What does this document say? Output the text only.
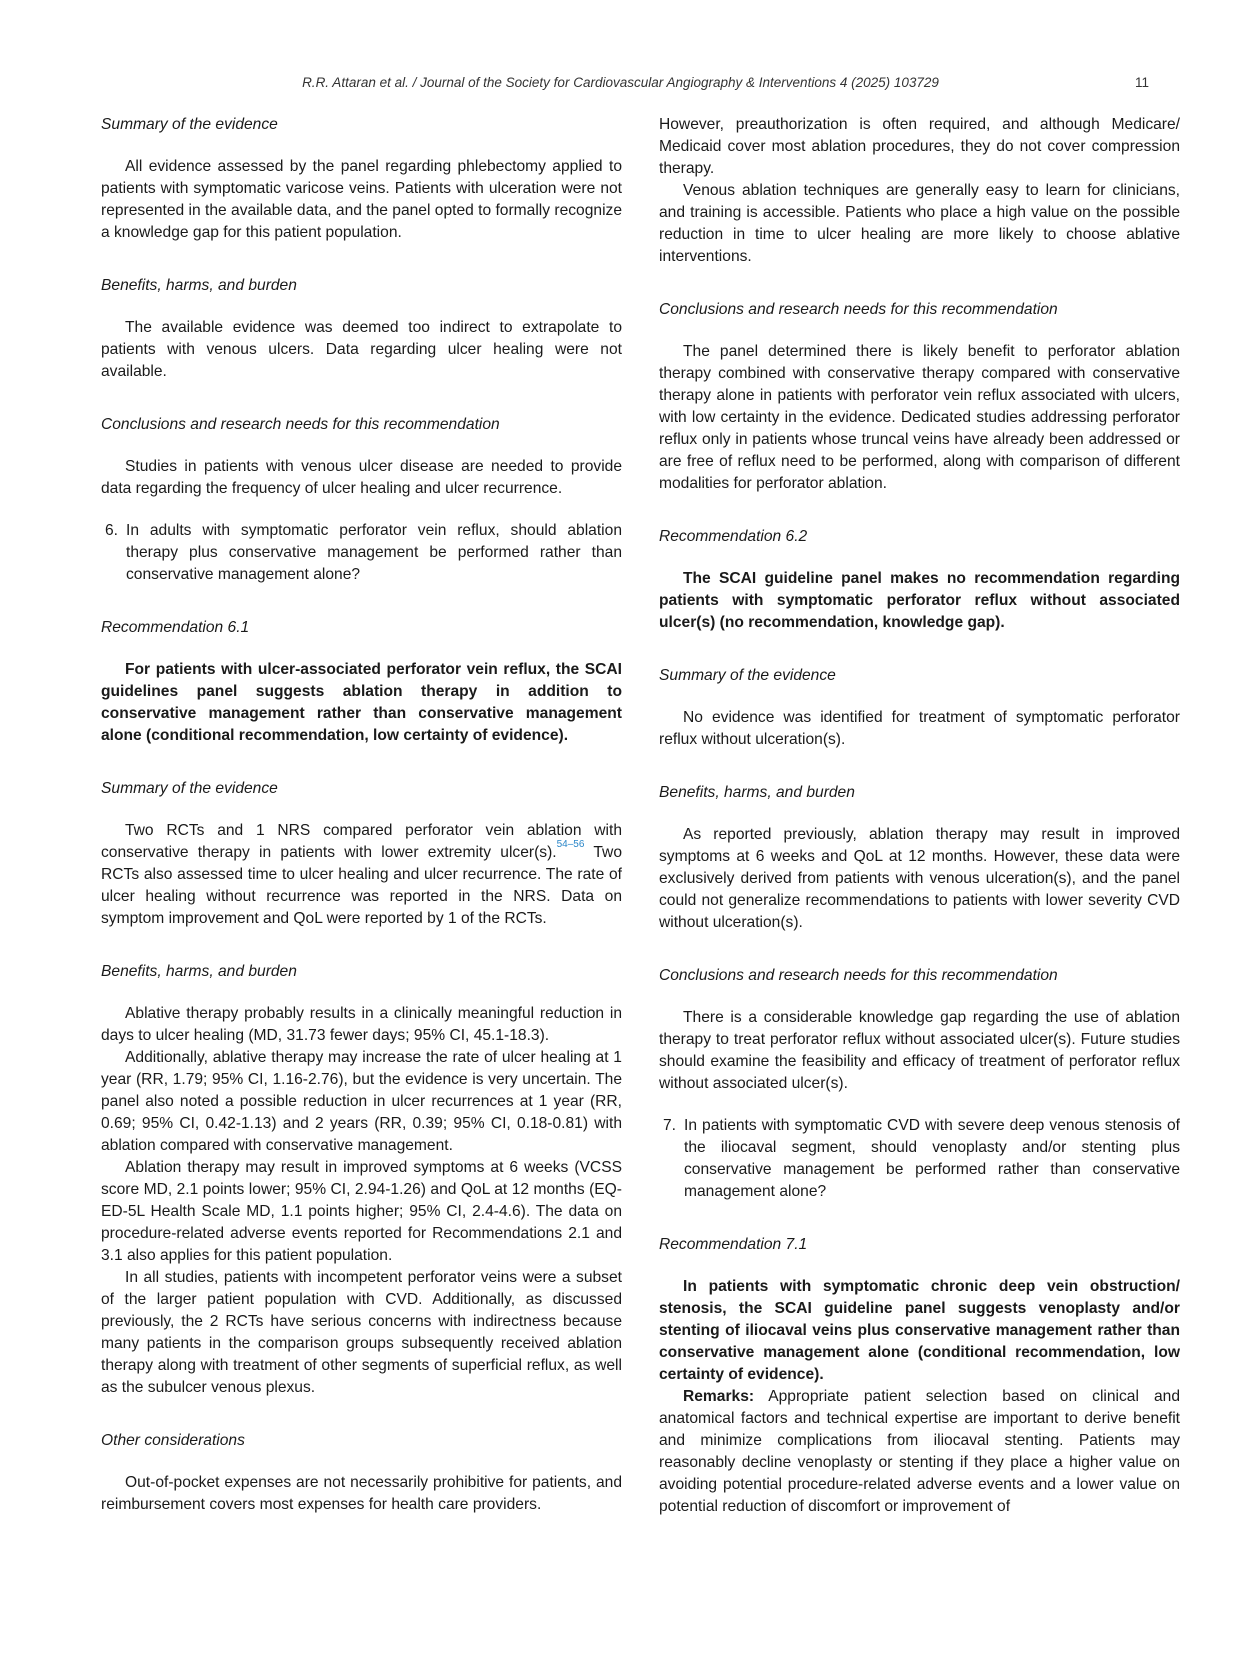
R.R. Attaran et al. / Journal of the Society for Cardiovascular Angiography & Interventions 4 (2025) 103729	11

Summary of the evidence

All evidence assessed by the panel regarding phlebectomy applied to patients with symptomatic varicose veins. Patients with ulceration were not represented in the available data, and the panel opted to formally recognize a knowledge gap for this patient population.

Benefits, harms, and burden

The available evidence was deemed too indirect to extrapolate to patients with venous ulcers. Data regarding ulcer healing were not available.

Conclusions and research needs for this recommendation

Studies in patients with venous ulcer disease are needed to provide data regarding the frequency of ulcer healing and ulcer recurrence.

6. In adults with symptomatic perforator vein reflux, should ablation therapy plus conservative management be performed rather than conservative management alone?

Recommendation 6.1

For patients with ulcer-associated perforator vein reflux, the SCAI guidelines panel suggests ablation therapy in addition to conservative management rather than conservative management alone (conditional recommendation, low certainty of evidence).

Summary of the evidence

Two RCTs and 1 NRS compared perforator vein ablation with conservative therapy in patients with lower extremity ulcer(s).$^{54-56}$ Two RCTs also assessed time to ulcer healing and ulcer recurrence. The rate of ulcer healing without recurrence was reported in the NRS. Data on symptom improvement and QoL were reported by 1 of the RCTs.

Benefits, harms, and burden

Ablative therapy probably results in a clinically meaningful reduction in days to ulcer healing (MD, 31.73 fewer days; 95% CI, 45.1-18.3).

Additionally, ablative therapy may increase the rate of ulcer healing at 1 year (RR, 1.79; 95% CI, 1.16-2.76), but the evidence is very uncertain. The panel also noted a possible reduction in ulcer recurrences at 1 year (RR, 0.69; 95% CI, 0.42-1.13) and 2 years (RR, 0.39; 95% CI, 0.18-0.81) with ablation compared with conservative management.

Ablation therapy may result in improved symptoms at 6 weeks (VCSS score MD, 2.1 points lower; 95% CI, 2.94-1.26) and QoL at 12 months (EQ-ED-5L Health Scale MD, 1.1 points higher; 95% CI, 2.4-4.6). The data on procedure-related adverse events reported for Recommendations 2.1 and 3.1 also applies for this patient population.

In all studies, patients with incompetent perforator veins were a subset of the larger patient population with CVD. Additionally, as discussed previously, the 2 RCTs have serious concerns with indirectness because many patients in the comparison groups subsequently received ablation therapy along with treatment of other segments of superficial reflux, as well as the subulcer venous plexus.

Other considerations

Out-of-pocket expenses are not necessarily prohibitive for patients, and reimbursement covers most expenses for health care providers.

However, preauthorization is often required, and although Medicare/ Medicaid cover most ablation procedures, they do not cover compression therapy.

Venous ablation techniques are generally easy to learn for clinicians, and training is accessible. Patients who place a high value on the possible reduction in time to ulcer healing are more likely to choose ablative interventions.

Conclusions and research needs for this recommendation

The panel determined there is likely benefit to perforator ablation therapy combined with conservative therapy compared with conservative therapy alone in patients with perforator vein reflux associated with ulcers, with low certainty in the evidence. Dedicated studies addressing perforator reflux only in patients whose truncal veins have already been addressed or are free of reflux need to be performed, along with comparison of different modalities for perforator ablation.

Recommendation 6.2

The SCAI guideline panel makes no recommendation regarding patients with symptomatic perforator reflux without associated ulcer(s) (no recommendation, knowledge gap).

Summary of the evidence

No evidence was identified for treatment of symptomatic perforator reflux without ulceration(s).

Benefits, harms, and burden

As reported previously, ablation therapy may result in improved symptoms at 6 weeks and QoL at 12 months. However, these data were exclusively derived from patients with venous ulceration(s), and the panel could not generalize recommendations to patients with lower severity CVD without ulceration(s).

Conclusions and research needs for this recommendation

There is a considerable knowledge gap regarding the use of ablation therapy to treat perforator reflux without associated ulcer(s). Future studies should examine the feasibility and efficacy of treatment of perforator reflux without associated ulcer(s).

7. In patients with symptomatic CVD with severe deep venous stenosis of the iliocaval segment, should venoplasty and/or stenting plus conservative management be performed rather than conservative management alone?

Recommendation 7.1

In patients with symptomatic chronic deep vein obstruction/ stenosis, the SCAI guideline panel suggests venoplasty and/or stenting of iliocaval veins plus conservative management rather than conservative management alone (conditional recommendation, low certainty of evidence).

Remarks: Appropriate patient selection based on clinical and anatomical factors and technical expertise are important to derive benefit and minimize complications from iliocaval stenting. Patients may reasonably decline venoplasty or stenting if they place a higher value on avoiding potential procedure-related adverse events and a lower value on potential reduction of discomfort or improvement of
